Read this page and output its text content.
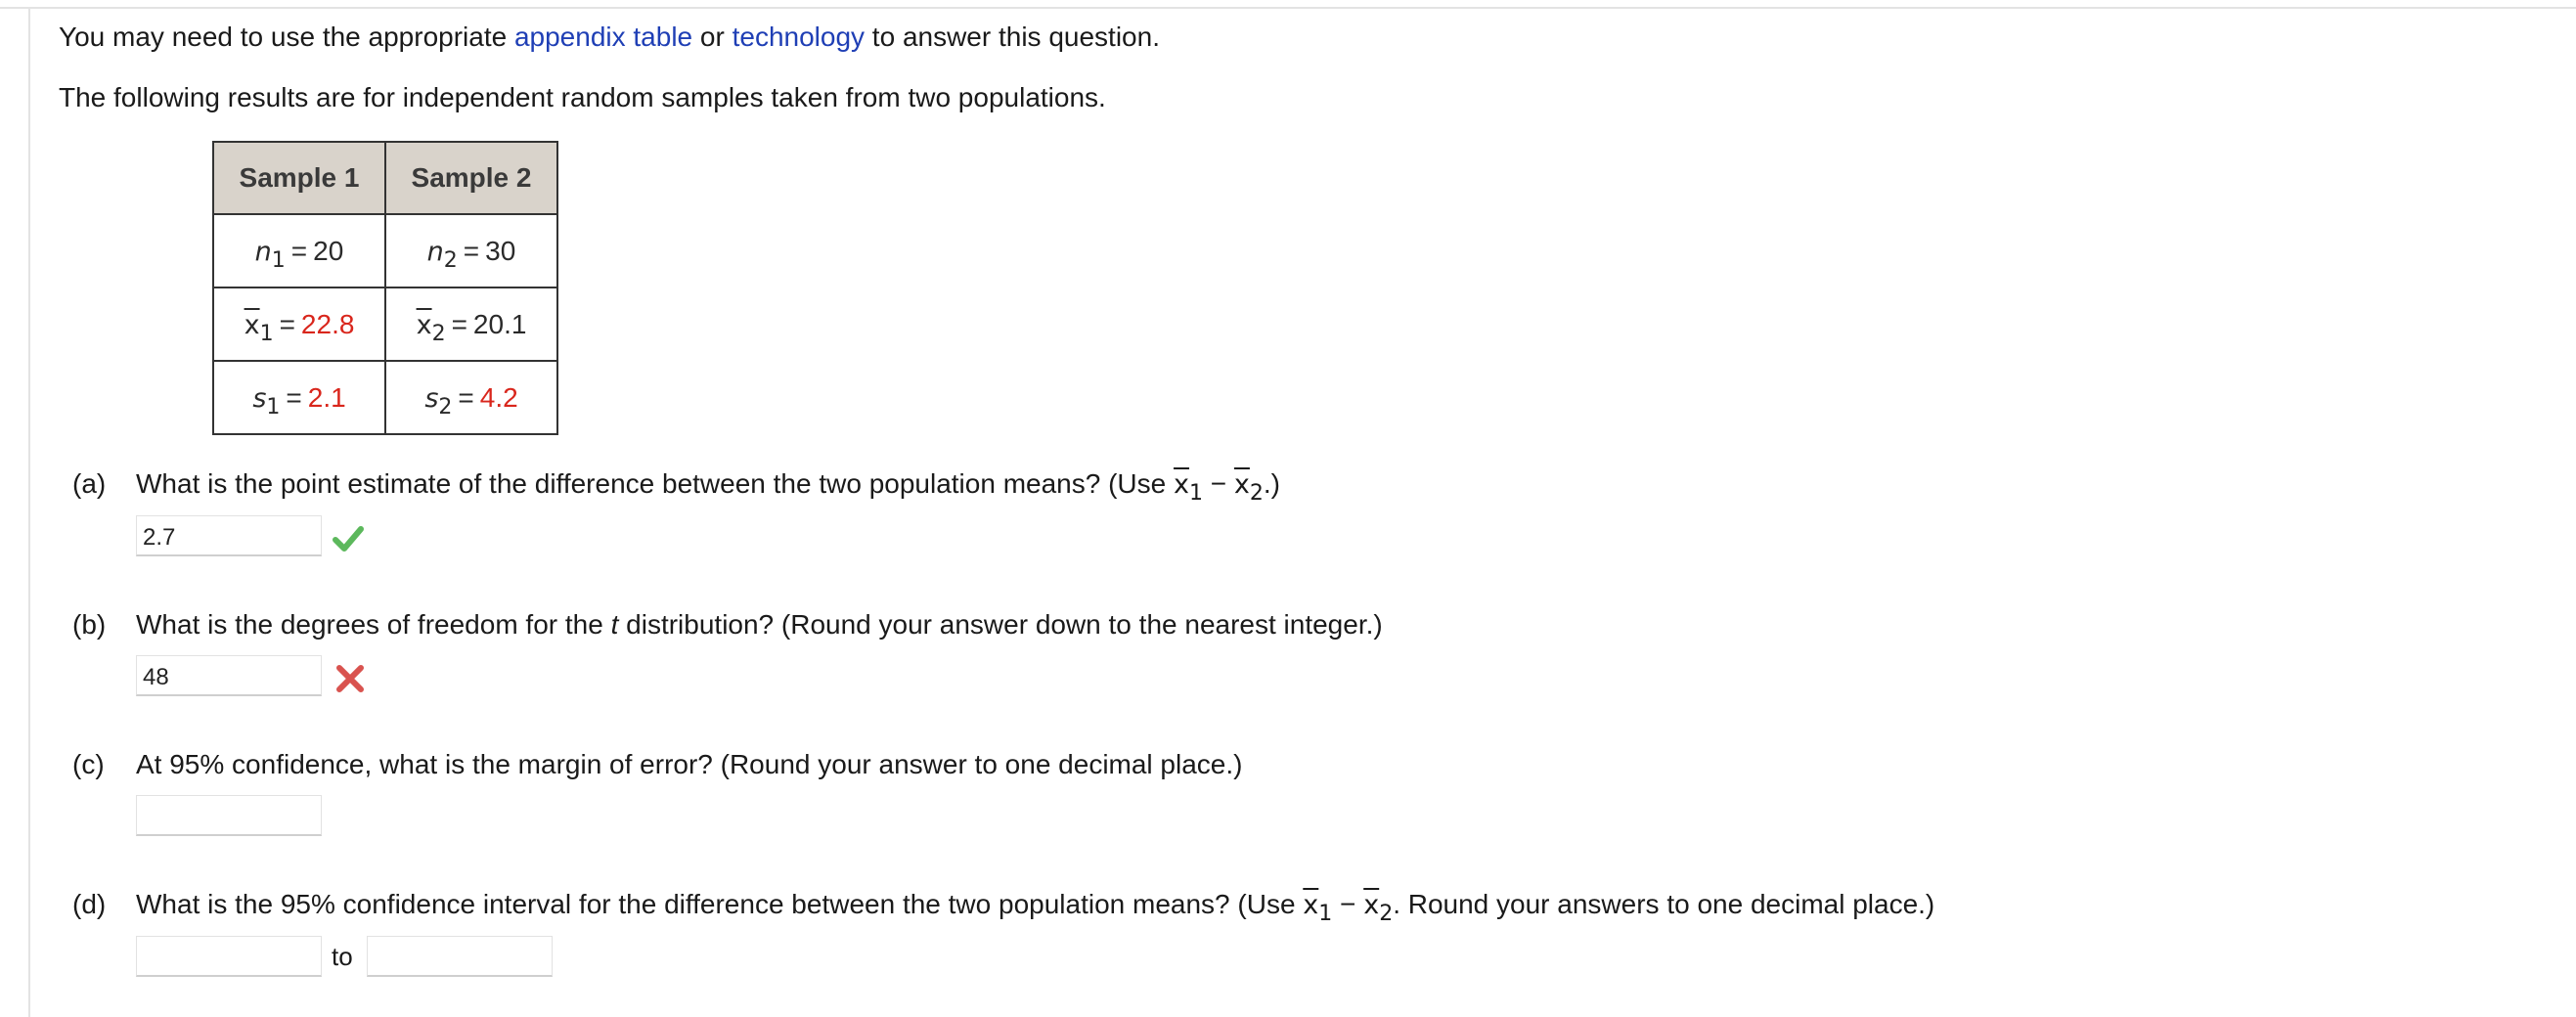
You may need to use the appropriate appendix table or technology to answer this question.
The following results are for independent random samples taken from two populations.
Sample 1	Sample 2
$n_1 = 20$	$n_2 = 30$
$\overline{x}_1 = 22.8$	$\overline{x}_2 = 20.1$
$s_1 = 2.1$	$s_2 = 4.2$
(a) What is the point estimate of the difference between the two population means? (Use $\overline{x}_1 - \overline{x}_2$.)
2.7
(b) What is the degrees of freedom for the t distribution? (Round your answer down to the nearest integer.)
48
(c) At 95% confidence, what is the margin of error? (Round your answer to one decimal place.)
(d) What is the 95% confidence interval for the difference between the two population means? (Use $\overline{x}_1 - \overline{x}_2$. Round your answers to one decimal place.)
to
